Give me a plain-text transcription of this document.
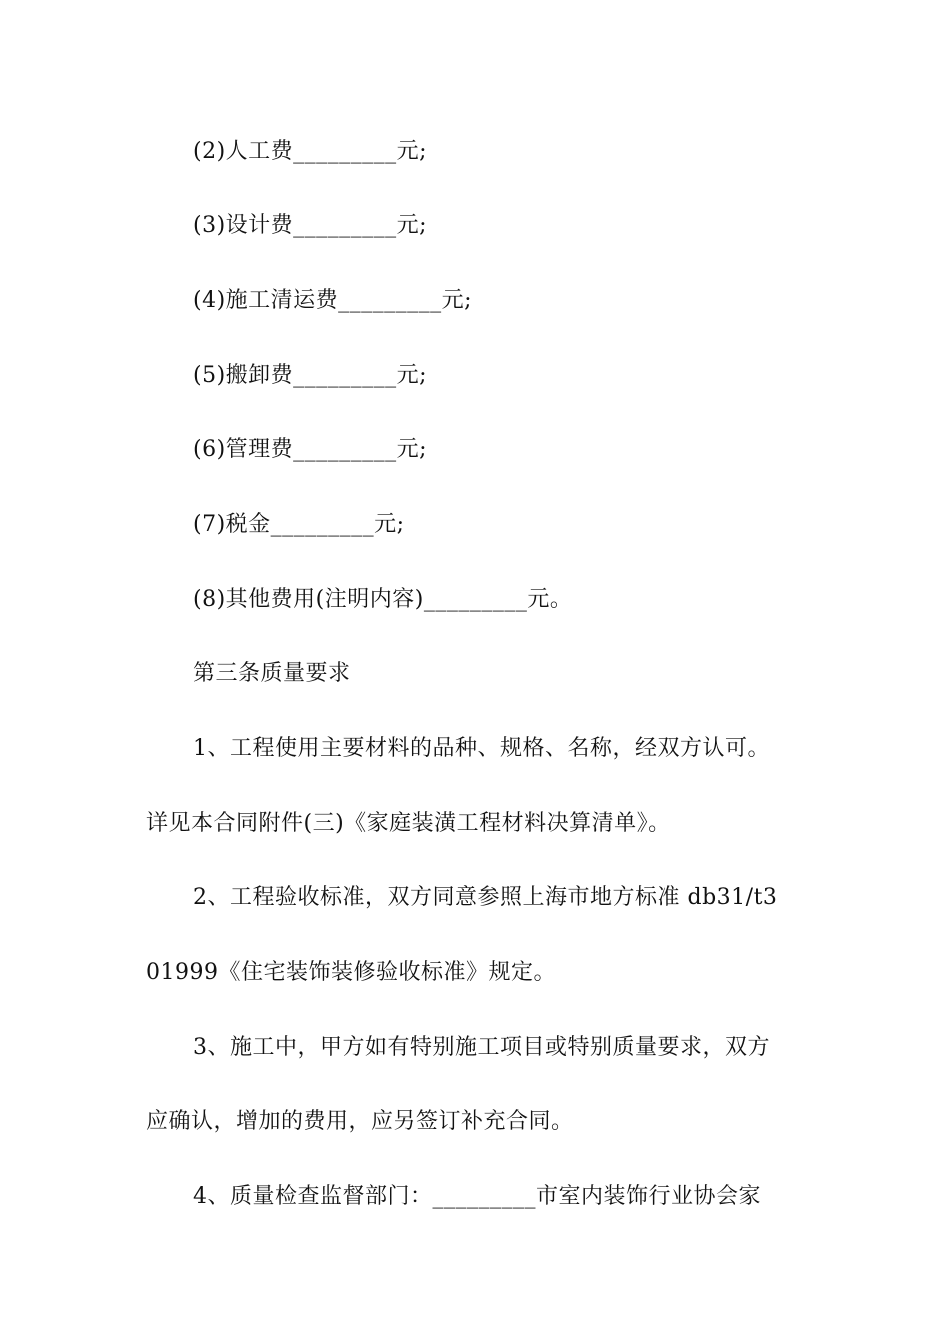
(2)人工费_________元;
(3)设计费_________元;
(4)施工清运费_________元;
(5)搬卸费_________元;
(6)管理费_________元;
(7)税金_________元;
(8)其他费用(注明内容)_________元。
第三条质量要求
1、工程使用主要材料的品种、规格、名称，经双方认可。
详见本合同附件(三)《家庭装潢工程材料决算清单》。
2、工程验收标准，双方同意参照上海市地方标准 db31/t3
01999《住宅装饰装修验收标准》规定。
3、施工中，甲方如有特别施工项目或特别质量要求，双方
应确认，增加的费用，应另签订补充合同。
4、质量检查监督部门：_________市室内装饰行业协会家
